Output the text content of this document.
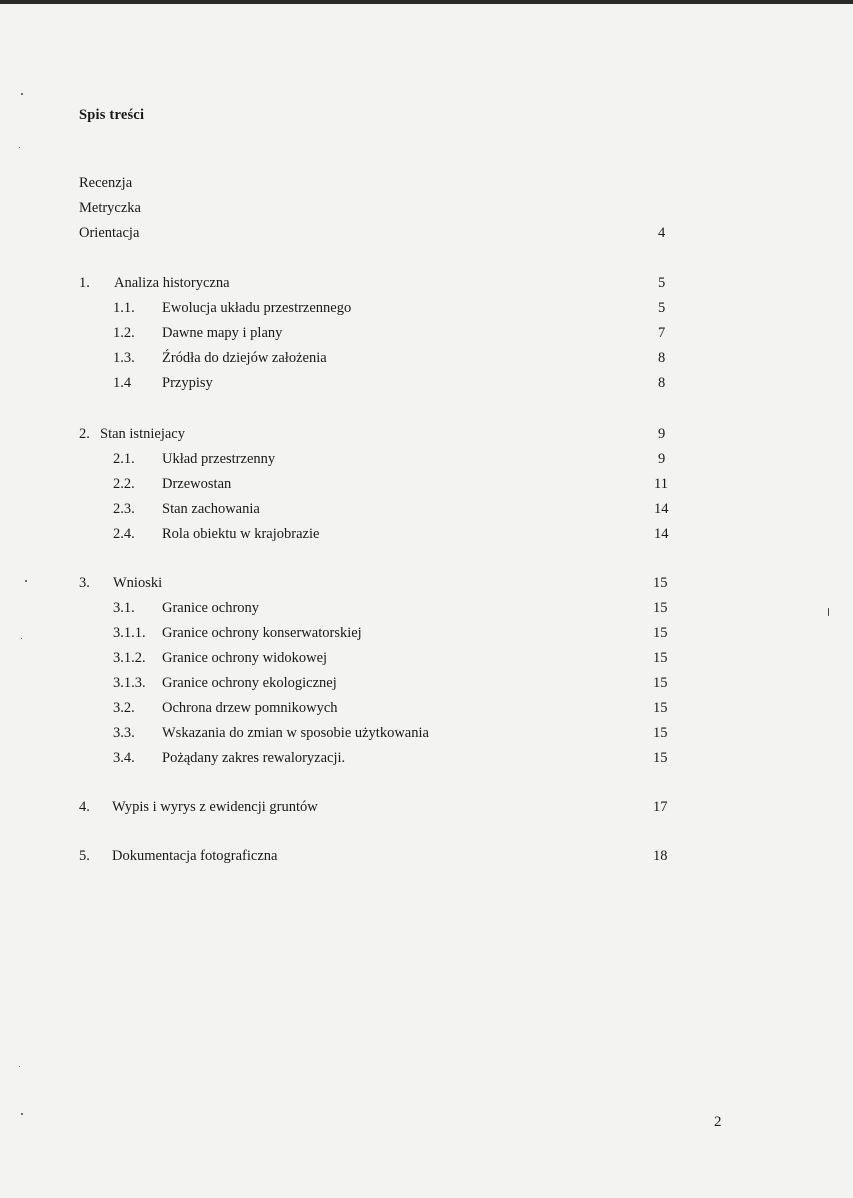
Spis treści
Recenzja
Metryczka
Orientacja	4
1. Analiza historyczna	5
1.1. Ewolucja układu przestrzennego	5
1.2. Dawne mapy i plany	7
1.3. Źródła do dziejów założenia	8
1.4 Przypisy	8
2. Stan istniejacy	9
2.1. Układ przestrzenny	9
2.2. Drzewostan	11
2.3. Stan zachowania	14
2.4. Rola obiektu w krajobrazie	14
3. Wnioski	15
3.1. Granice ochrony	15
3.1.1. Granice ochrony konserwatorskiej	15
3.1.2. Granice ochrony widokowej	15
3.1.3. Granice ochrony ekologicznej	15
3.2. Ochrona drzew pomnikowych	15
3.3. Wskazania do zmian w sposobie użytkowania	15
3.4. Pożądany zakres rewaloryzacji.	15
4. Wypis i wyrys z ewidencji gruntów	17
5. Dokumentacja fotograficzna	18
2
